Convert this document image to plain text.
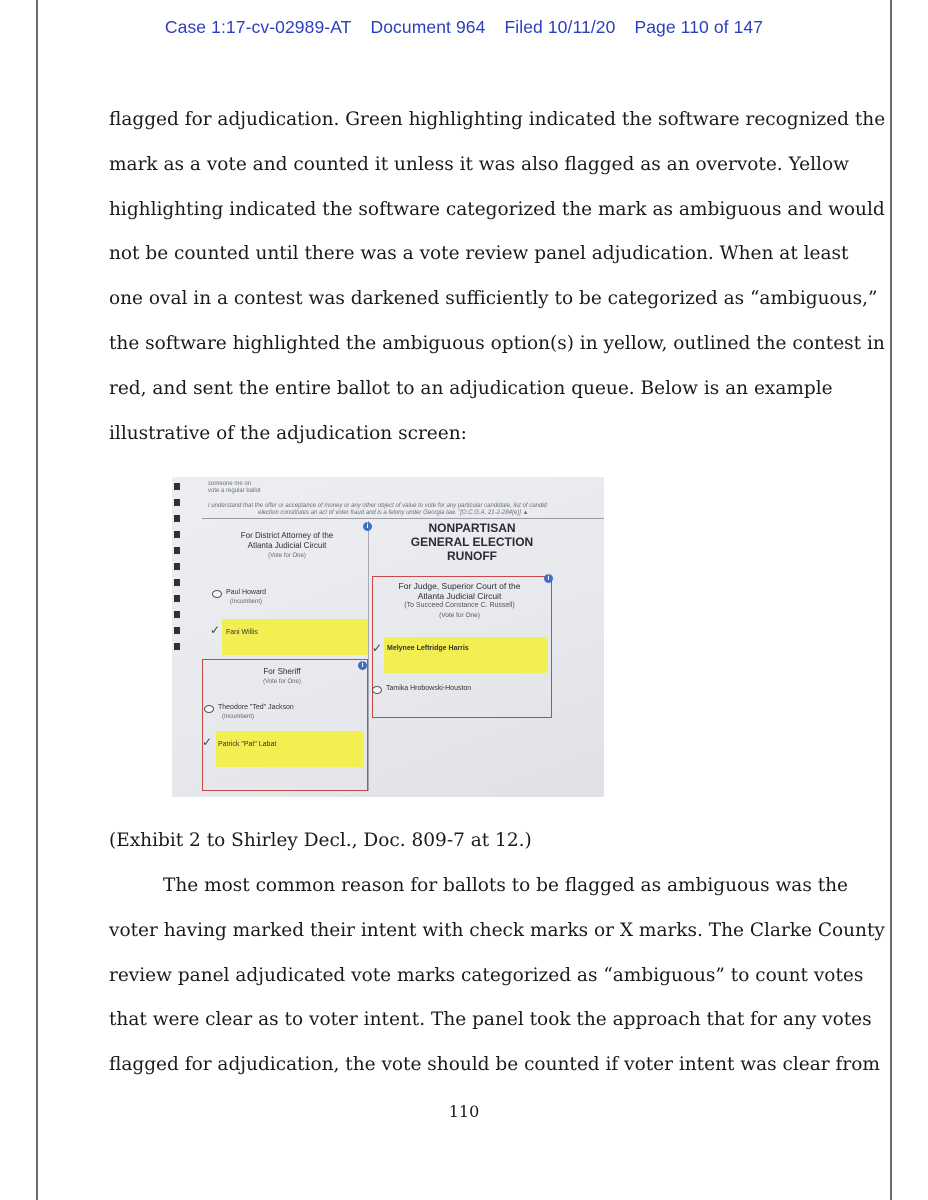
Case 1:17-cv-02989-AT Document 964 Filed 10/11/20 Page 110 of 147
flagged for adjudication. Green highlighting indicated the software recognized the
mark as a vote and counted it unless it was also flagged as an overvote. Yellow
highlighting indicated the software categorized the mark as ambiguous and would
not be counted until there was a vote review panel adjudication. When at least
one oval in a contest was darkened sufficiently to be categorized as “ambiguous,”
the software highlighted the ambiguous option(s) in yellow, outlined the contest in
red, and sent the entire ballot to an adjudication queue. Below is an example
illustrative of the adjudication screen:
someone me on
vote a regular ballot
I understand that the offer or acceptance of money or any other object of value to vote for any particular candidate, list of candid
election constitutes an act of voter fraud and is a felony under Georgia law. "[O.C.G.A. 21-2-284(e)] ▲
NONPARTISAN
GENERAL ELECTION
RUNOFF
i
For District Attorney of the
Atlanta Judicial Circuit
(Vote for One)
Paul Howard
(Incumbent)
✓ Fani Willis
i
For Judge, Superior Court of the
Atlanta Judicial Circuit
(To Succeed Constance C. Russell)
(Vote for One)
✓ Melynee Leftridge Harris
Tamika Hrobowski-Houston
i
For Sheriff
(Vote for One)
Theodore "Ted" Jackson
(Incumbent)
✓ Patrick "Pat" Labat
(Exhibit 2 to Shirley Decl., Doc. 809-7 at 12.)
The most common reason for ballots to be flagged as ambiguous was the
voter having marked their intent with check marks or X marks. The Clarke County
review panel adjudicated vote marks categorized as “ambiguous” to count votes
that were clear as to voter intent. The panel took the approach that for any votes
flagged for adjudication, the vote should be counted if voter intent was clear from
110
